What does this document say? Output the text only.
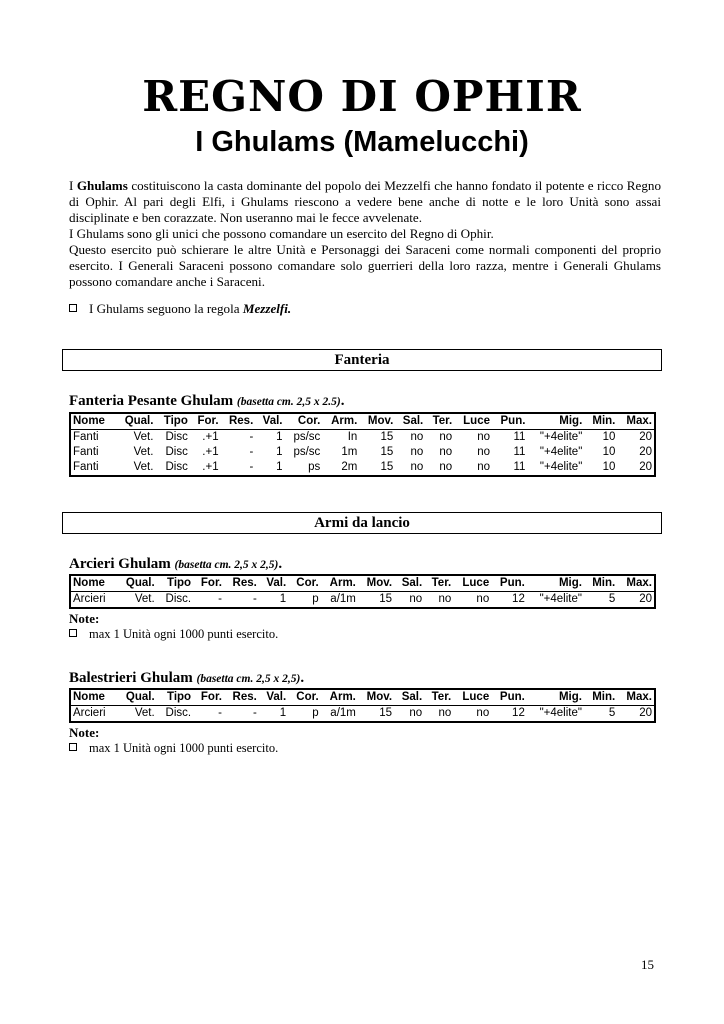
REGNO DI OPHIR
I Ghulams (Mamelucchi)

I Ghulams costituiscono la casta dominante del popolo dei Mezzelfi che hanno fondato il potente e ricco Regno di Ophir. Al pari degli Elfi, i Ghulams riescono a vedere bene anche di notte e le loro Unità sono assai disciplinate e ben corazzate. Non useranno mai le fecce avvelenate.

I Ghulams sono gli unici che possono comandare un esercito del Regno di Ophir.

Questo esercito può schierare le altre Unità e Personaggi dei Saraceni come normali componenti del proprio esercito. I Generali Saraceni possono comandare solo guerrieri della loro razza, mentre i Generali Ghulams possono comandare anche i Saraceni.

I Ghulams seguono la regola Mezzelfi.
Fanteria
Fanteria Pesante Ghulam (basetta cm. 2,5 x 2.5).
Nome	Qual.	Tipo	For.	Res.	Val.	Cor.	Arm.	Mov.	Sal.	Ter.	Luce	Pun.	Mig.	Min.	Max.
Fanti	Vet.	Disc	.+1	-	1	ps/sc	In	15	no	no	no	11	"+4elite"	10	20
Fanti	Vet.	Disc	.+1	-	1	ps/sc	1m	15	no	no	no	11	"+4elite"	10	20
Fanti	Vet.	Disc	.+1	-	1	ps	2m	15	no	no	no	11	"+4elite"	10	20
Armi da lancio
Arcieri Ghulam (basetta cm. 2,5 x 2,5).
Nome	Qual.	Tipo	For.	Res.	Val.	Cor.	Arm.	Mov.	Sal.	Ter.	Luce	Pun.	Mig.	Min.	Max.
Arcieri	Vet.	Disc.	-	-	1	p	a/1m	15	no	no	no	12	"+4elite"	5	20
Note:
max 1 Unità ogni 1000 punti esercito.
Balestrieri Ghulam (basetta cm. 2,5 x 2,5).
Nome	Qual.	Tipo	For.	Res.	Val.	Cor.	Arm.	Mov.	Sal.	Ter.	Luce	Pun.	Mig.	Min.	Max.
Arcieri	Vet.	Disc.	-	-	1	p	a/1m	15	no	no	no	12	"+4elite"	5	20
Note:
max 1 Unità ogni 1000 punti esercito.
15
